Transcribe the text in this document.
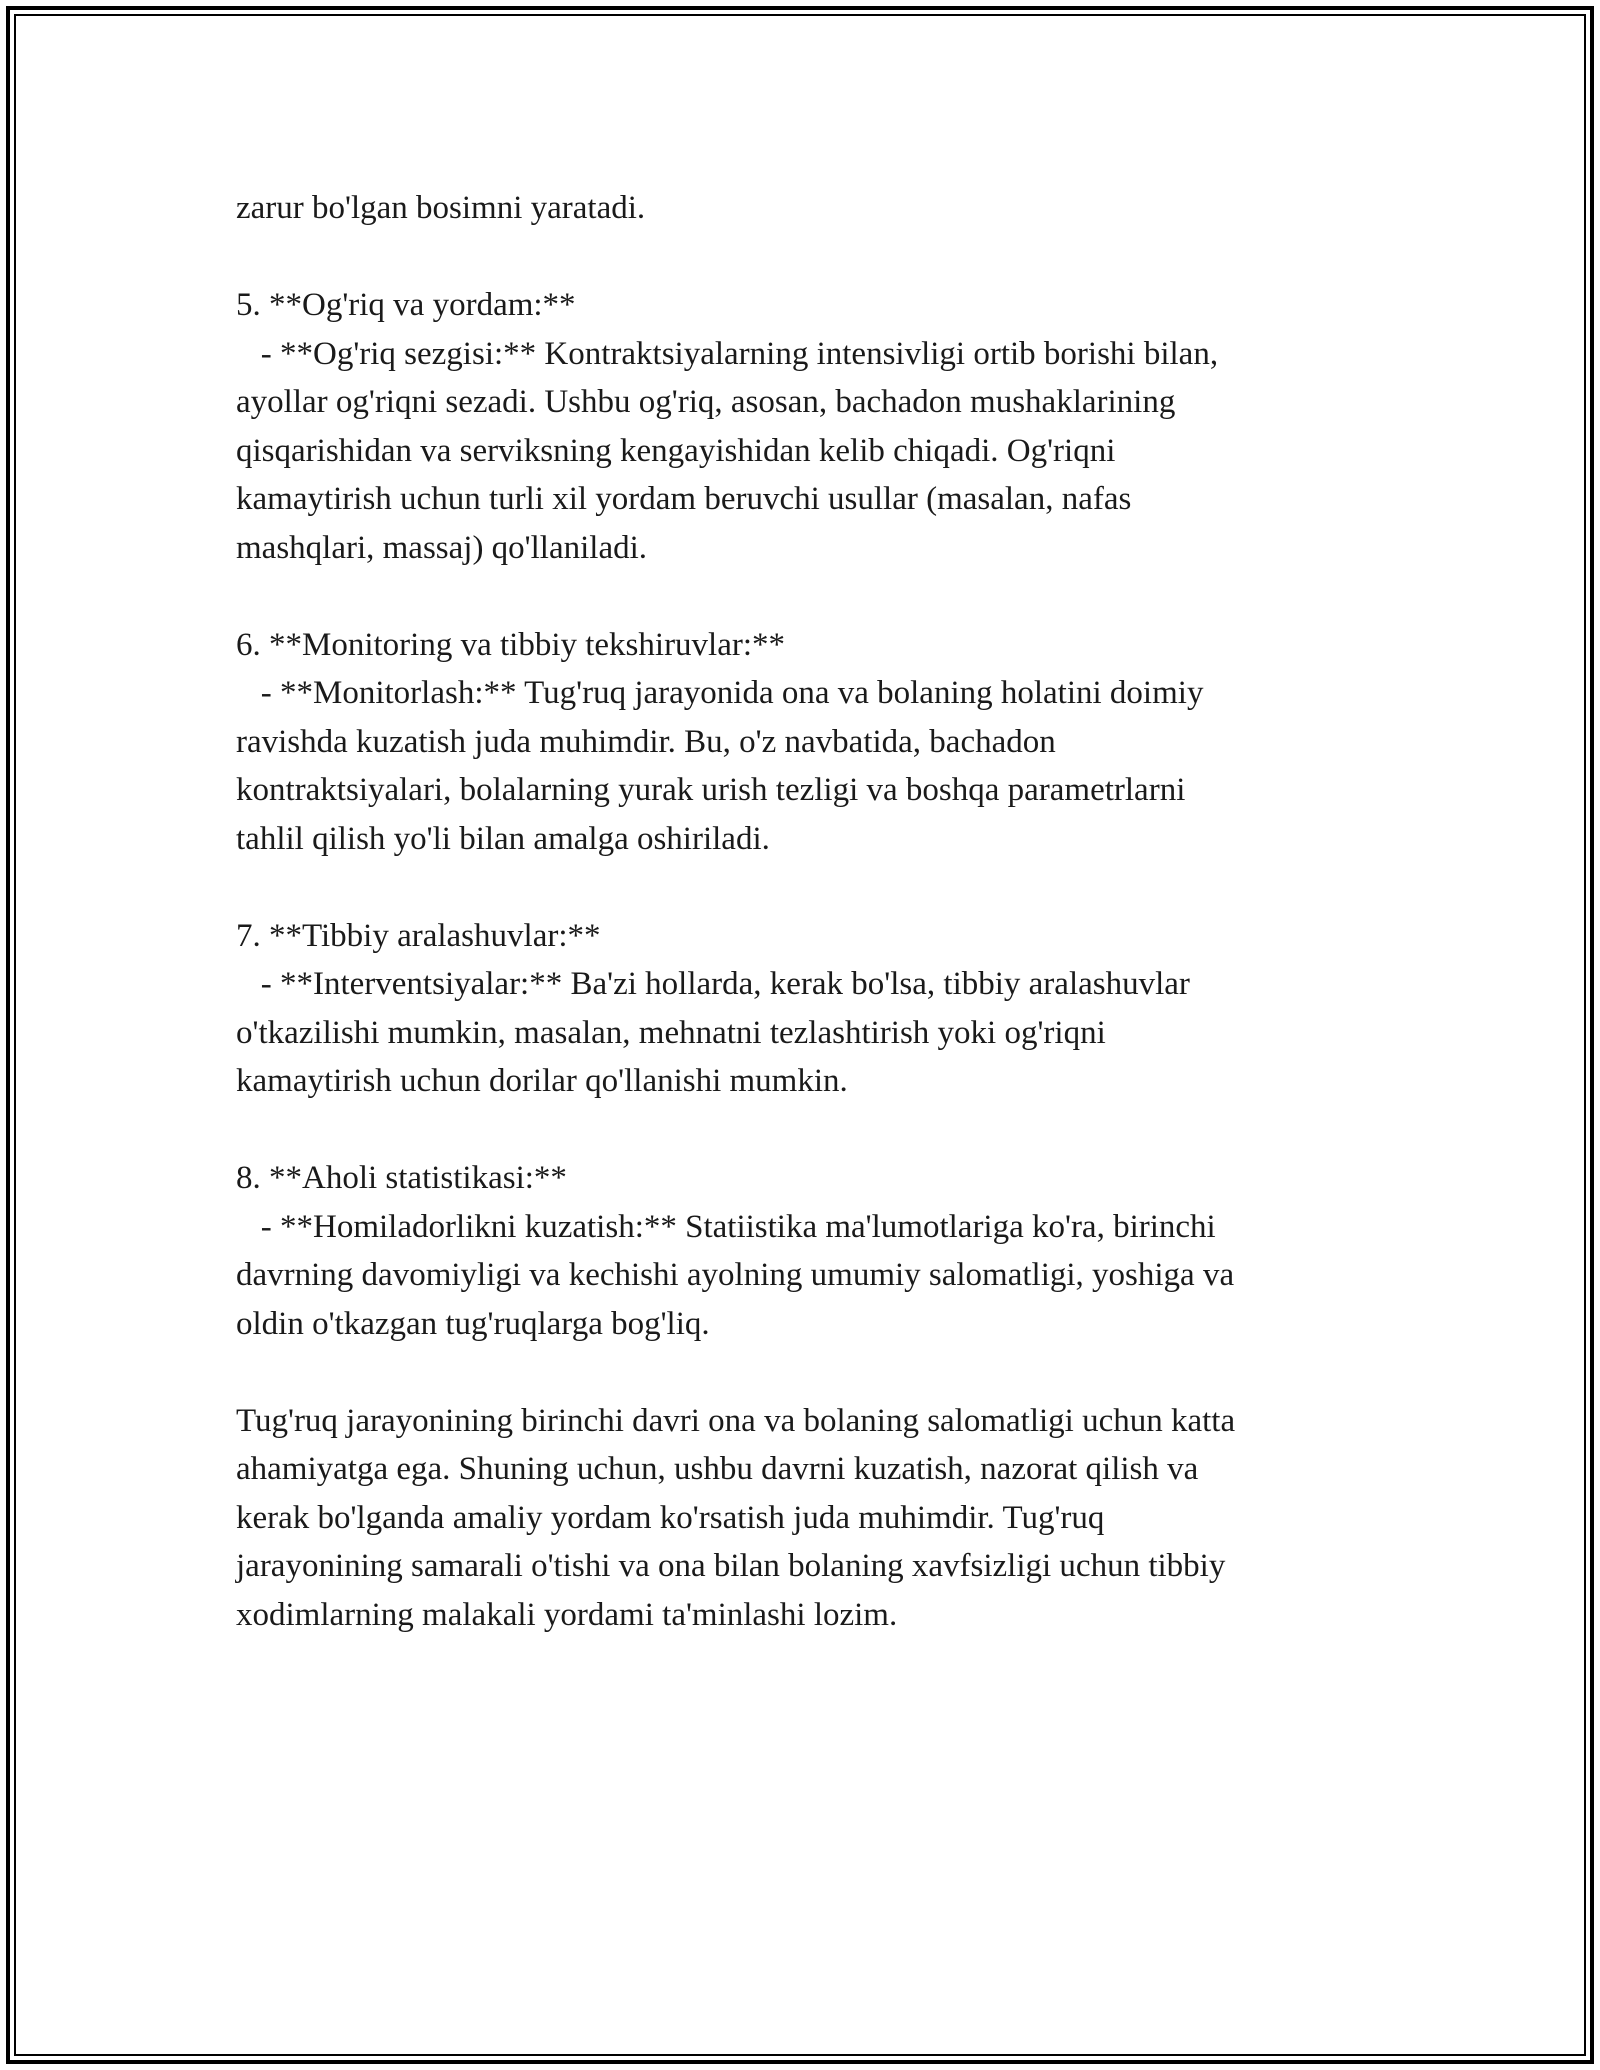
zarur bo'lgan bosimni yaratadi.
5. **Og'riq va yordam:**
- **Og'riq sezgisi:** Kontraktsiyalarning intensivligi ortib borishi bilan,
ayollar og'riqni sezadi. Ushbu og'riq, asosan, bachadon mushaklarining
qisqarishidan va serviksning kengayishidan kelib chiqadi. Og'riqni
kamaytirish uchun turli xil yordam beruvchi usullar (masalan, nafas
mashqlari, massaj) qo'llaniladi.
6. **Monitoring va tibbiy tekshiruvlar:**
- **Monitorlash:** Tug'ruq jarayonida ona va bolaning holatini doimiy
ravishda kuzatish juda muhimdir. Bu, o'z navbatida, bachadon
kontraktsiyalari, bolalarning yurak urish tezligi va boshqa parametrlarni
tahlil qilish yo'li bilan amalga oshiriladi.
7. **Tibbiy aralashuvlar:**
- **Interventsiyalar:** Ba'zi hollarda, kerak bo'lsa, tibbiy aralashuvlar
o'tkazilishi mumkin, masalan, mehnatni tezlashtirish yoki og'riqni
kamaytirish uchun dorilar qo'llanishi mumkin.
8. **Aholi statistikasi:**
- **Homiladorlikni kuzatish:** Statiistika ma'lumotlariga ko'ra, birinchi
davrning davomiyligi va kechishi ayolning umumiy salomatligi, yoshiga va
oldin o'tkazgan tug'ruqlarga bog'liq.
Tug'ruq jarayonining birinchi davri ona va bolaning salomatligi uchun katta
ahamiyatga ega. Shuning uchun, ushbu davrni kuzatish, nazorat qilish va
kerak bo'lganda amaliy yordam ko'rsatish juda muhimdir. Tug'ruq
jarayonining samarali o'tishi va ona bilan bolaning xavfsizligi uchun tibbiy
xodimlarning malakali yordami ta'minlashi lozim.
